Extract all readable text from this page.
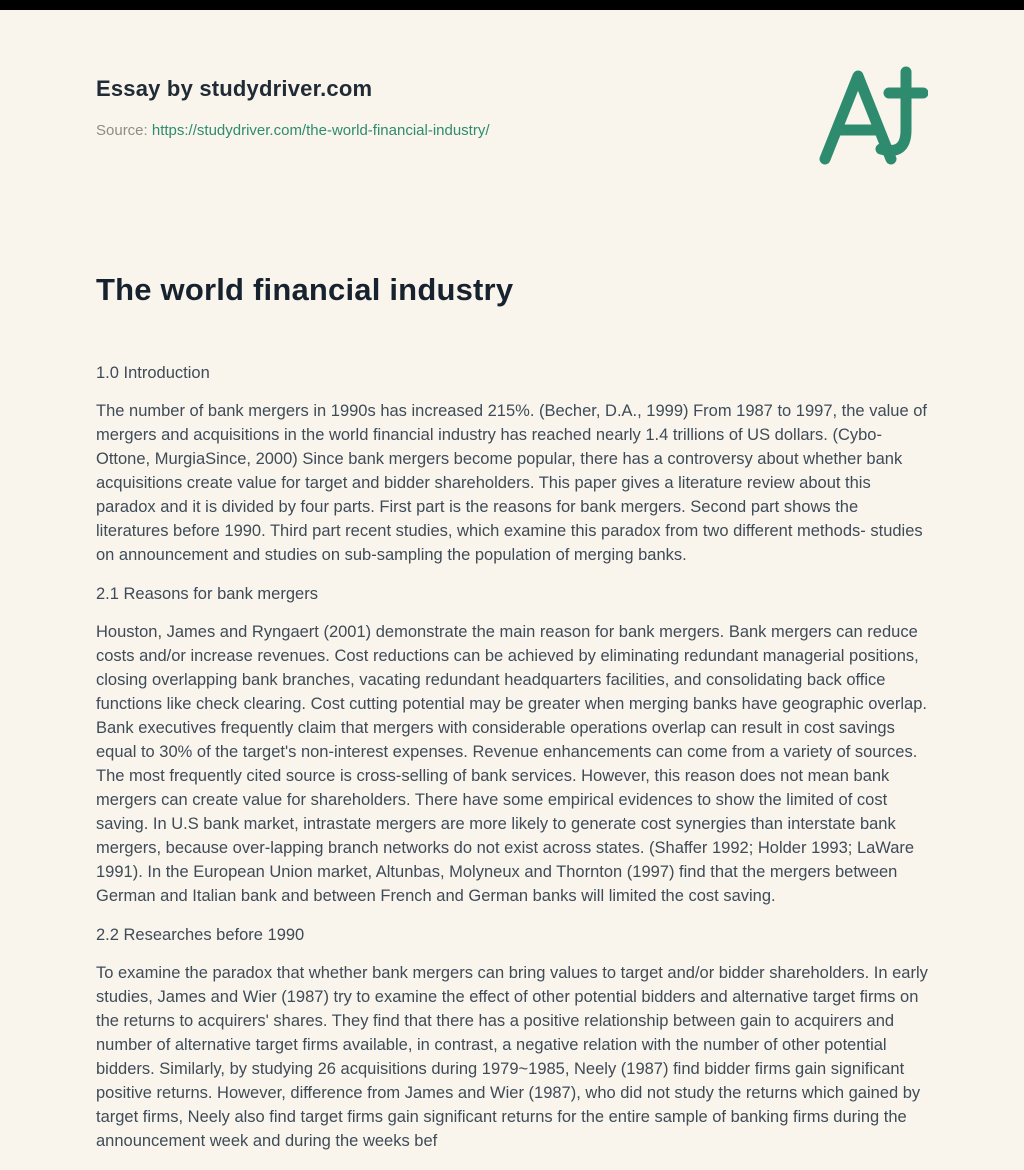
Essay by studydriver.com
Source: https://studydriver.com/the-world-financial-industry/
The world financial industry
1.0 Introduction

The number of bank mergers in 1990s has increased 215%. (Becher, D.A., 1999) From 1987 to 1997, the value of mergers and acquisitions in the world financial industry has reached nearly 1.4 trillions of US dollars. (Cybo-Ottone, MurgiaSince, 2000) Since bank mergers become popular, there has a controversy about whether bank acquisitions create value for target and bidder shareholders. This paper gives a literature review about this paradox and it is divided by four parts. First part is the reasons for bank mergers. Second part shows the literatures before 1990. Third part recent studies, which examine this paradox from two different methods- studies on announcement and studies on sub-sampling the population of merging banks.

2.1 Reasons for bank mergers

Houston, James and Ryngaert (2001) demonstrate the main reason for bank mergers. Bank mergers can reduce costs and/or increase revenues. Cost reductions can be achieved by eliminating redundant managerial positions, closing overlapping bank branches, vacating redundant headquarters facilities, and consolidating back office functions like check clearing. Cost cutting potential may be greater when merging banks have geographic overlap. Bank executives frequently claim that mergers with considerable operations overlap can result in cost savings equal to 30% of the target's non-interest expenses. Revenue enhancements can come from a variety of sources. The most frequently cited source is cross-selling of bank services. However, this reason does not mean bank mergers can create value for shareholders. There have some empirical evidences to show the limited of cost saving. In U.S bank market, intrastate mergers are more likely to generate cost synergies than interstate bank mergers, because over-lapping branch networks do not exist across states. (Shaffer 1992; Holder 1993; LaWare 1991). In the European Union market, Altunbas, Molyneux and Thornton (1997) find that the mergers between German and Italian bank and between French and German banks will limited the cost saving.

2.2 Researches before 1990

To examine the paradox that whether bank mergers can bring values to target and/or bidder shareholders. In early studies, James and Wier (1987) try to examine the effect of other potential bidders and alternative target firms on the returns to acquirers' shares. They find that there has a positive relationship between gain to acquirers and number of alternative target firms available, in contrast, a negative relation with the number of other potential bidders. Similarly, by studying 26 acquisitions during 1979~1985, Neely (1987) find bidder firms gain significant positive returns. However, difference from James and Wier (1987), who did not study the returns which gained by target firms, Neely also find target firms gain significant returns for the entire sample of banking firms during the announcement week and during the weeks bef
